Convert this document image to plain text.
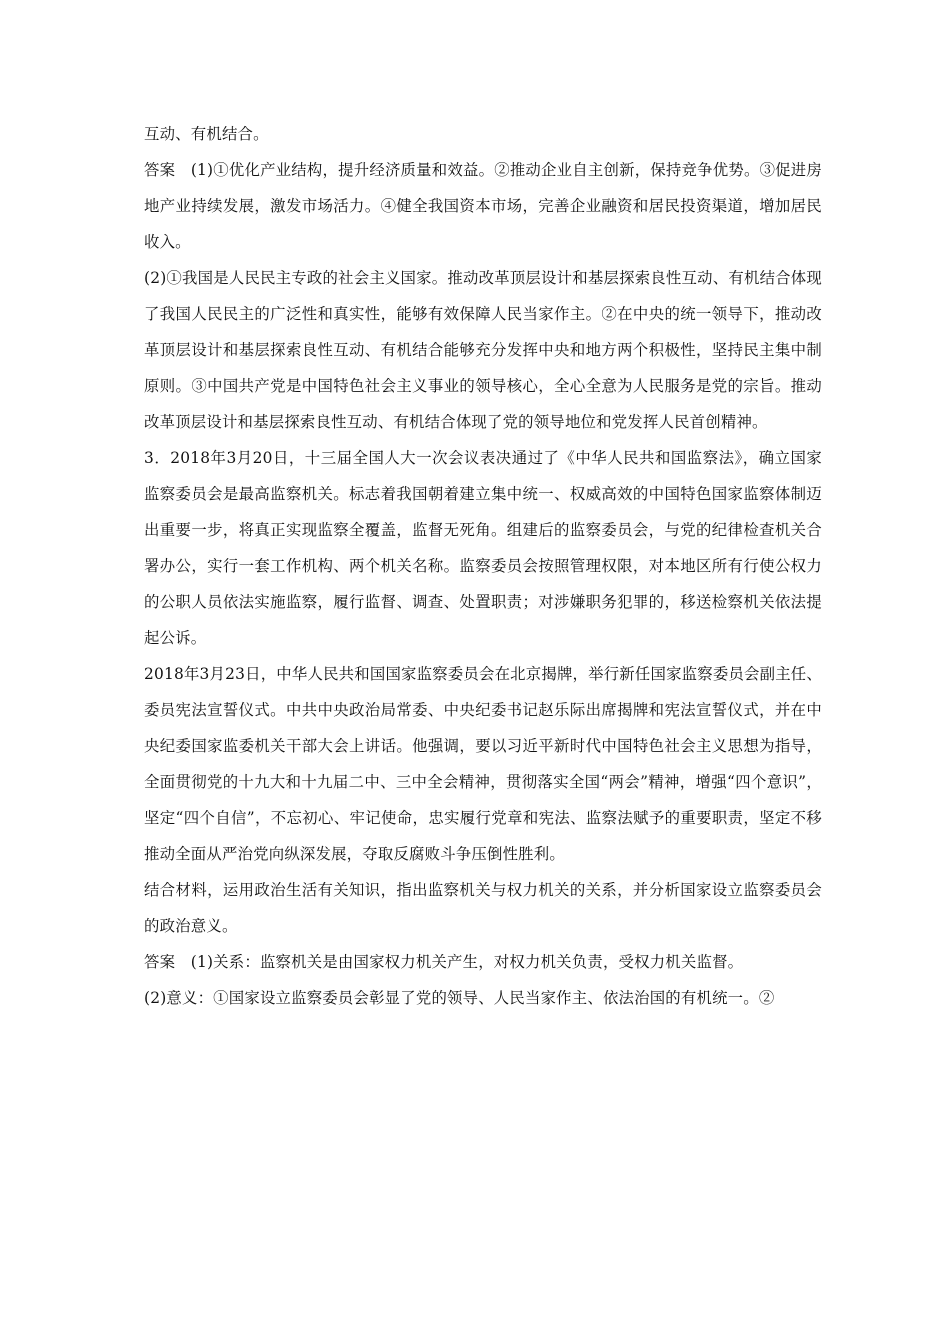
互动、有机结合。

答案　(1)①优化产业结构，提升经济质量和效益。②推动企业自主创新，保持竞争优势。③促进房地产业持续发展，激发市场活力。④健全我国资本市场，完善企业融资和居民投资渠道，增加居民收入。

(2)①我国是人民民主专政的社会主义国家。推动改革顶层设计和基层探索良性互动、有机结合体现了我国人民民主的广泛性和真实性，能够有效保障人民当家作主。②在中央的统一领导下，推动改革顶层设计和基层探索良性互动、有机结合能够充分发挥中央和地方两个积极性，坚持民主集中制原则。③中国共产党是中国特色社会主义事业的领导核心，全心全意为人民服务是党的宗旨。推动改革顶层设计和基层探索良性互动、有机结合体现了党的领导地位和党发挥人民首创精神。

3．2018年3月20日，十三届全国人大一次会议表决通过了《中华人民共和国监察法》，确立国家监察委员会是最高监察机关。标志着我国朝着建立集中统一、权威高效的中国特色国家监察体制迈出重要一步，将真正实现监察全覆盖，监督无死角。组建后的监察委员会，与党的纪律检查机关合署办公，实行一套工作机构、两个机关名称。监察委员会按照管理权限，对本地区所有行使公权力的公职人员依法实施监察，履行监督、调查、处置职责；对涉嫌职务犯罪的，移送检察机关依法提起公诉。

2018年3月23日，中华人民共和国国家监察委员会在北京揭牌，举行新任国家监察委员会副主任、委员宪法宣誓仪式。中共中央政治局常委、中央纪委书记赵乐际出席揭牌和宪法宣誓仪式，并在中央纪委国家监委机关干部大会上讲话。他强调，要以习近平新时代中国特色社会主义思想为指导，全面贯彻党的十九大和十九届二中、三中全会精神，贯彻落实全国“两会”精神，增强“四个意识”，坚定“四个自信”，不忘初心、牢记使命，忠实履行党章和宪法、监察法赋予的重要职责，坚定不移推动全面从严治党向纵深发展，夺取反腐败斗争压倒性胜利。

结合材料，运用政治生活有关知识，指出监察机关与权力机关的关系，并分析国家设立监察委员会的政治意义。

答案　(1)关系：监察机关是由国家权力机关产生，对权力机关负责，受权力机关监督。

(2)意义：①国家设立监察委员会彰显了党的领导、人民当家作主、依法治国的有机统一。②
